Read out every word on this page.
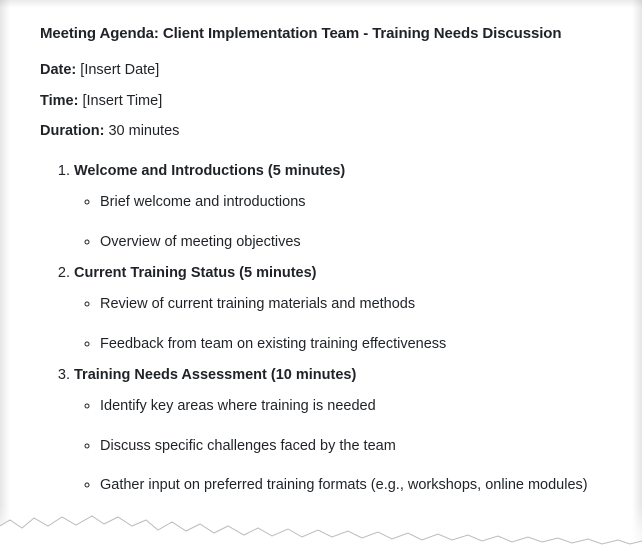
Meeting Agenda: Client Implementation Team - Training Needs Discussion
Date: [Insert Date]
Time: [Insert Time]
Duration: 30 minutes
1. Welcome and Introductions (5 minutes)
◦ Brief welcome and introductions
◦ Overview of meeting objectives
2. Current Training Status (5 minutes)
◦ Review of current training materials and methods
◦ Feedback from team on existing training effectiveness
3. Training Needs Assessment (10 minutes)
◦ Identify key areas where training is needed
◦ Discuss specific challenges faced by the team
◦ Gather input on preferred training formats (e.g., workshops, online modules)
